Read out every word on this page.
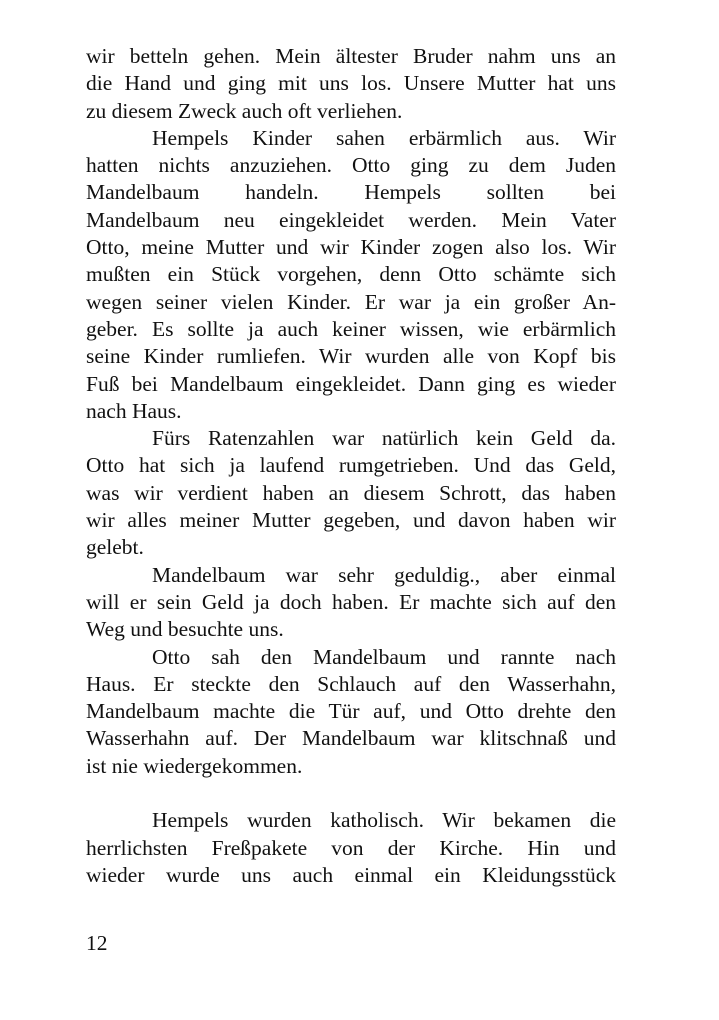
wir betteln gehen. Mein ältester Bruder nahm uns an
die Hand und ging mit uns los. Unsere Mutter hat uns
zu diesem Zweck auch oft verliehen.
Hempels Kinder sahen erbärmlich aus. Wir
hatten nichts anzuziehen. Otto ging zu dem Juden
Mandelbaum handeln. Hempels sollten bei
Mandelbaum neu eingekleidet werden. Mein Vater
Otto, meine Mutter und wir Kinder zogen also los. Wir
mußten ein Stück vorgehen, denn Otto schämte sich
wegen seiner vielen Kinder. Er war ja ein großer An-
geber. Es sollte ja auch keiner wissen, wie erbärmlich
seine Kinder rumliefen. Wir wurden alle von Kopf bis
Fuß bei Mandelbaum eingekleidet. Dann ging es wieder
nach Haus.
Fürs Ratenzahlen war natürlich kein Geld da.
Otto hat sich ja laufend rumgetrieben. Und das Geld,
was wir verdient haben an diesem Schrott, das haben
wir alles meiner Mutter gegeben, und davon haben wir
gelebt.
Mandelbaum war sehr geduldig., aber einmal
will er sein Geld ja doch haben. Er machte sich auf den
Weg und besuchte uns.
Otto sah den Mandelbaum und rannte nach
Haus. Er steckte den Schlauch auf den Wasserhahn,
Mandelbaum machte die Tür auf, und Otto drehte den
Wasserhahn auf. Der Mandelbaum war klitschnaß und
ist nie wiedergekommen.
Hempels wurden katholisch. Wir bekamen die
herrlichsten Freßpakete von der Kirche. Hin und
wieder wurde uns auch einmal ein Kleidungsstück
12
